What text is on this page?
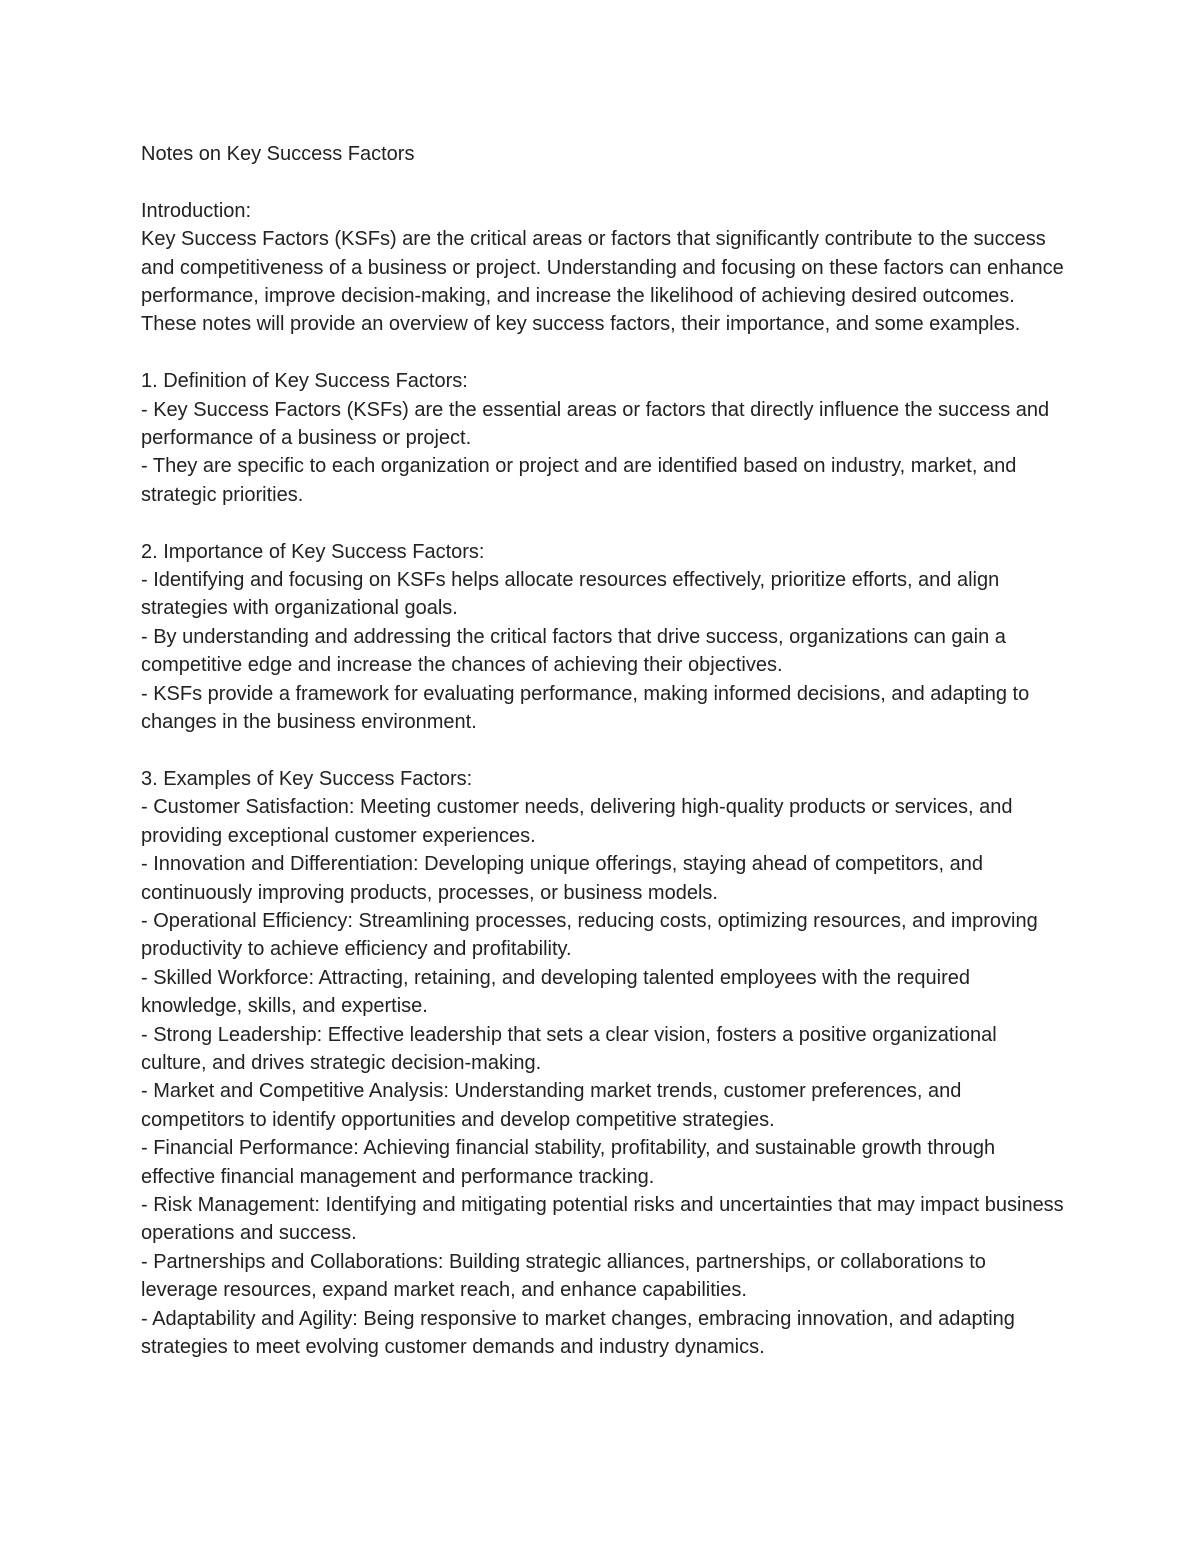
Notes on Key Success Factors
Introduction:
Key Success Factors (KSFs) are the critical areas or factors that significantly contribute to the success and competitiveness of a business or project. Understanding and focusing on these factors can enhance performance, improve decision-making, and increase the likelihood of achieving desired outcomes. These notes will provide an overview of key success factors, their importance, and some examples.
1. Definition of Key Success Factors:
- Key Success Factors (KSFs) are the essential areas or factors that directly influence the success and performance of a business or project.
- They are specific to each organization or project and are identified based on industry, market, and strategic priorities.
2. Importance of Key Success Factors:
- Identifying and focusing on KSFs helps allocate resources effectively, prioritize efforts, and align strategies with organizational goals.
- By understanding and addressing the critical factors that drive success, organizations can gain a competitive edge and increase the chances of achieving their objectives.
- KSFs provide a framework for evaluating performance, making informed decisions, and adapting to changes in the business environment.
3. Examples of Key Success Factors:
- Customer Satisfaction: Meeting customer needs, delivering high-quality products or services, and providing exceptional customer experiences.
- Innovation and Differentiation: Developing unique offerings, staying ahead of competitors, and continuously improving products, processes, or business models.
- Operational Efficiency: Streamlining processes, reducing costs, optimizing resources, and improving productivity to achieve efficiency and profitability.
- Skilled Workforce: Attracting, retaining, and developing talented employees with the required knowledge, skills, and expertise.
- Strong Leadership: Effective leadership that sets a clear vision, fosters a positive organizational culture, and drives strategic decision-making.
- Market and Competitive Analysis: Understanding market trends, customer preferences, and competitors to identify opportunities and develop competitive strategies.
- Financial Performance: Achieving financial stability, profitability, and sustainable growth through effective financial management and performance tracking.
- Risk Management: Identifying and mitigating potential risks and uncertainties that may impact business operations and success.
- Partnerships and Collaborations: Building strategic alliances, partnerships, or collaborations to leverage resources, expand market reach, and enhance capabilities.
- Adaptability and Agility: Being responsive to market changes, embracing innovation, and adapting strategies to meet evolving customer demands and industry dynamics.
